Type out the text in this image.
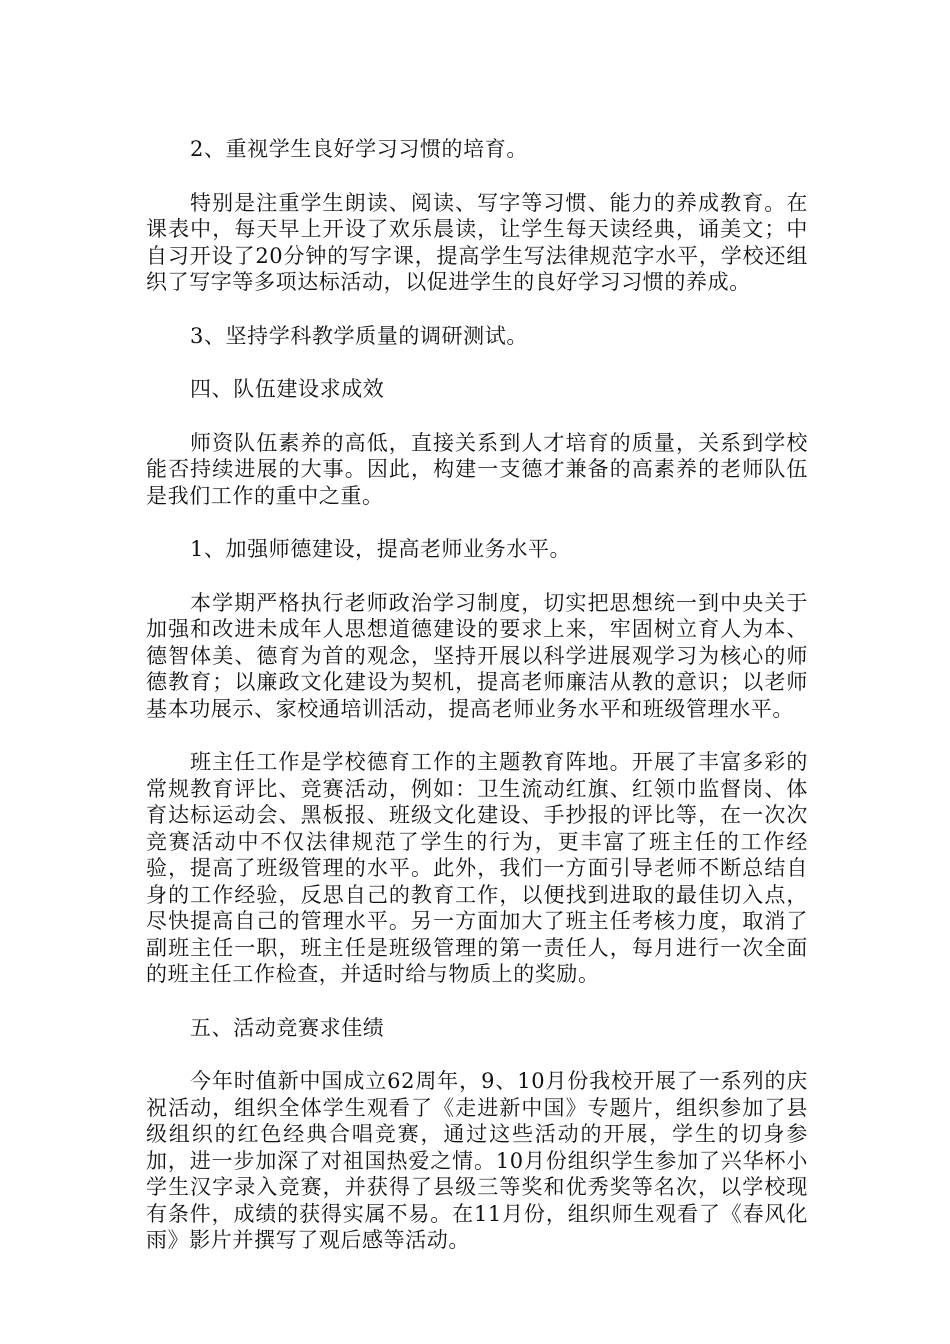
2、重视学生良好学习习惯的培育。

特别是注重学生朗读、阅读、写字等习惯、能力的养成教育。在课表中，每天早上开设了欢乐晨读，让学生每天读经典，诵美文；中自习开设了20分钟的写字课，提高学生写法律规范字水平，学校还组织了写字等多项达标活动，以促进学生的良好学习习惯的养成。

3、坚持学科教学质量的调研测试。

四、队伍建设求成效

师资队伍素养的高低，直接关系到人才培育的质量，关系到学校能否持续进展的大事。因此，构建一支德才兼备的高素养的老师队伍是我们工作的重中之重。

1、加强师德建设，提高老师业务水平。

本学期严格执行老师政治学习制度，切实把思想统一到中央关于加强和改进未成年人思想道德建设的要求上来，牢固树立育人为本、德智体美、德育为首的观念，坚持开展以科学进展观学习为核心的师德教育；以廉政文化建设为契机，提高老师廉洁从教的意识；以老师基本功展示、家校通培训活动，提高老师业务水平和班级管理水平。

班主任工作是学校德育工作的主题教育阵地。开展了丰富多彩的常规教育评比、竞赛活动，例如：卫生流动红旗、红领巾监督岗、体育达标运动会、黑板报、班级文化建设、手抄报的评比等，在一次次竞赛活动中不仅法律规范了学生的行为，更丰富了班主任的工作经验，提高了班级管理的水平。此外，我们一方面引导老师不断总结自身的工作经验，反思自己的教育工作，以便找到进取的最佳切入点，尽快提高自己的管理水平。另一方面加大了班主任考核力度，取消了副班主任一职，班主任是班级管理的第一责任人，每月进行一次全面的班主任工作检查，并适时给与物质上的奖励。

五、活动竞赛求佳绩

今年时值新中国成立62周年，9、10月份我校开展了一系列的庆祝活动，组织全体学生观看了《走进新中国》专题片，组织参加了县级组织的红色经典合唱竞赛，通过这些活动的开展，学生的切身参加，进一步加深了对祖国热爱之情。10月份组织学生参加了兴华杯小学生汉字录入竞赛，并获得了县级三等奖和优秀奖等名次，以学校现有条件，成绩的获得实属不易。在11月份，组织师生观看了《春风化雨》影片并撰写了观后感等活动。
